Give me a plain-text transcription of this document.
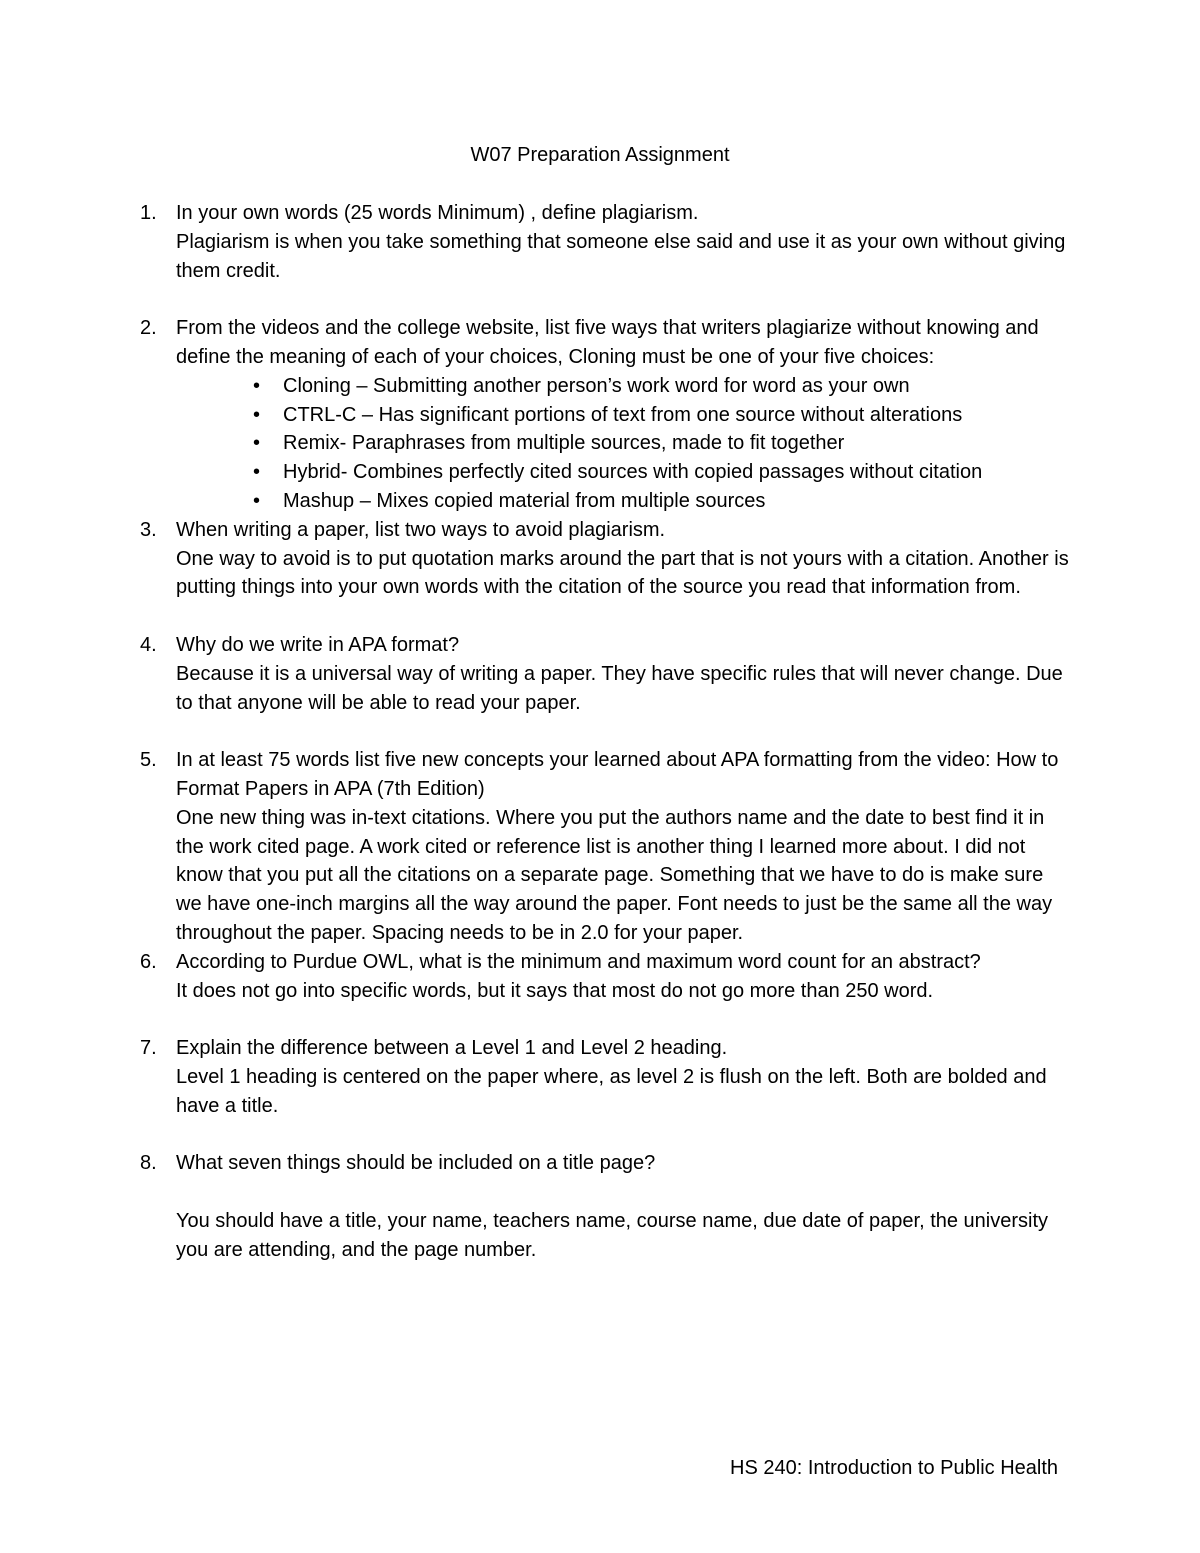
W07 Preparation Assignment
1. In your own words (25 words Minimum) , define plagiarism.

Plagiarism is when you take something that someone else said and use it as your own without giving them credit.

2. From the videos and the college website, list five ways that writers plagiarize without knowing and define the meaning of each of your choices, Cloning must be one of your five choices:

• Cloning – Submitting another person’s work word for word as your own
• CTRL-C – Has significant portions of text from one source without alterations
• Remix- Paraphrases from multiple sources, made to fit together
• Hybrid- Combines perfectly cited sources with copied passages without citation
• Mashup – Mixes copied material from multiple sources
3. When writing a paper, list two ways to avoid plagiarism.

One way to avoid is to put quotation marks around the part that is not yours with a citation. Another is putting things into your own words with the citation of the source you read that information from.

4. Why do we write in APA format?

Because it is a universal way of writing a paper. They have specific rules that will never change. Due to that anyone will be able to read your paper.

5. In at least 75 words list five new concepts your learned about APA formatting from the video: How to Format Papers in APA (7th Edition)

One new thing was in-text citations. Where you put the authors name and the date to best find it in the work cited page. A work cited or reference list is another thing I learned more about. I did not know that you put all the citations on a separate page. Something that we have to do is make sure we have one-inch margins all the way around the paper. Font needs to just be the same all the way throughout the paper. Spacing needs to be in 2.0 for your paper.

6. According to Purdue OWL, what is the minimum and maximum word count for an abstract?

It does not go into specific words, but it says that most do not go more than 250 word.

7. Explain the difference between a Level 1 and Level 2 heading.

Level 1 heading is centered on the paper where, as level 2 is flush on the left. Both are bolded and have a title.

8. What seven things should be included on a title page?

You should have a title, your name, teachers name, course name, due date of paper, the university you are attending, and the page number.

HS 240: Introduction to Public Health
